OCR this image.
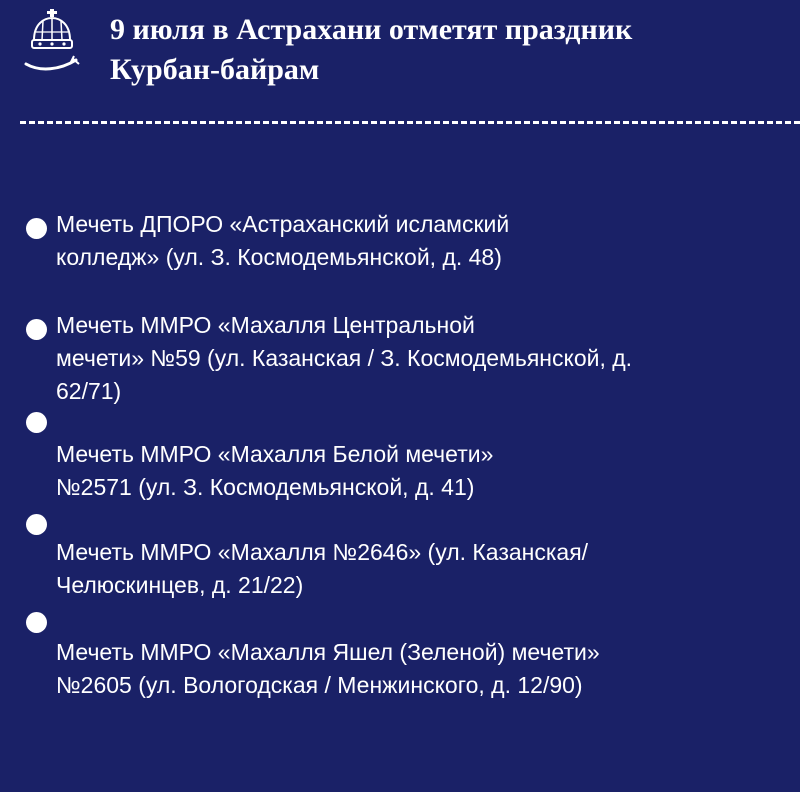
9 июля в Астрахани отметят праздник
Курбан-байрам
Мечеть ДПОРО «Астраханский исламский
колледж» (ул. З. Космодемьянской, д. 48)
Мечеть ММРО «Махалля Центральной
мечети» №59 (ул. Казанская / З. Космодемьянской, д.
62/71)
Мечеть ММРО «Махалля Белой мечети»
№2571 (ул. З. Космодемьянской, д. 41)
Мечеть ММРО «Махалля №2646» (ул. Казанская/
Челюскинцев, д. 21/22)
Мечеть ММРО «Махалля Яшел (Зеленой) мечети»
№2605 (ул. Вологодская / Менжинского, д. 12/90)
